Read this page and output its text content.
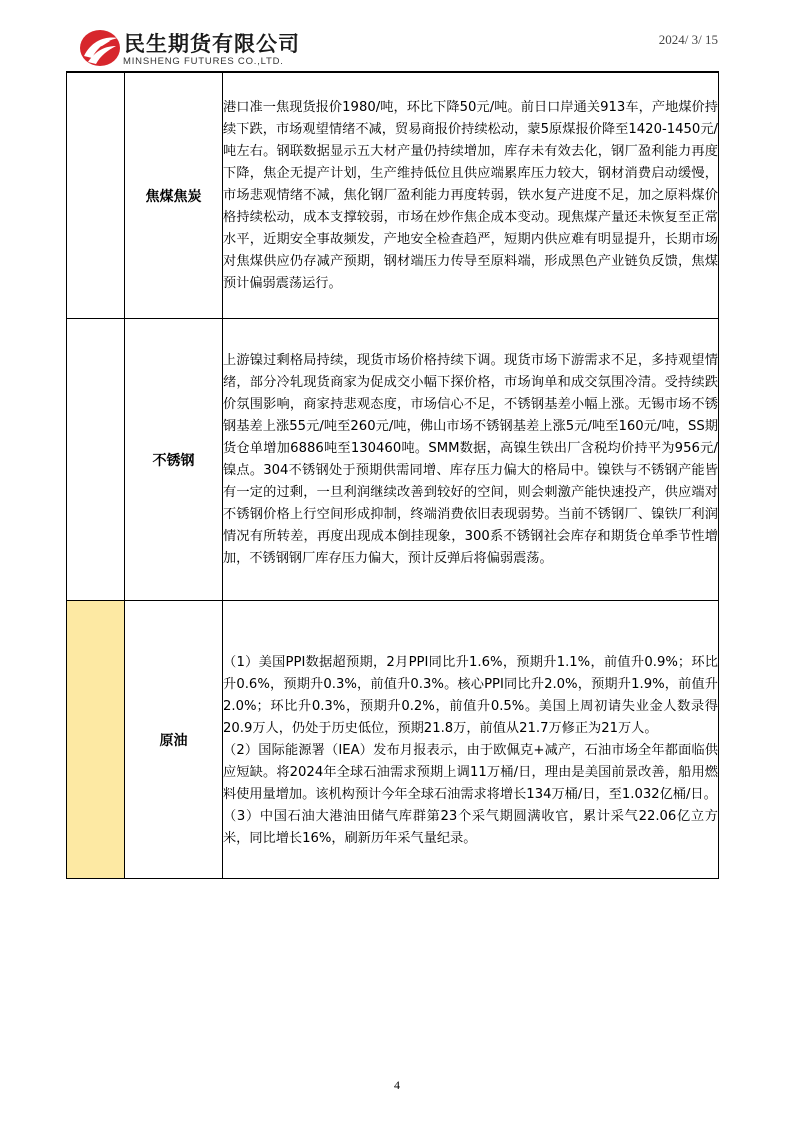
民生期货有限公司
MINSHENG FUTURES CO.,LTD.
2024/ 3/ 15
	焦煤焦炭	港口准一焦现货报价1980/吨，环比下降50元/吨。前日口岸通关913车，产地煤价持续下跌，市场观望情绪不减，贸易商报价持续松动，蒙5原煤报价降至1420-1450元/吨左右。钢联数据显示五大材产量仍持续增加，库存未有效去化，钢厂盈利能力再度下降，焦企无提产计划，生产维持低位且供应端累库压力较大，钢材消费启动缓慢，市场悲观情绪不减，焦化钢厂盈利能力再度转弱，铁水复产进度不足，加之原料煤价格持续松动，成本支撑较弱，市场在炒作焦企成本变动。现焦煤产量还未恢复至正常水平，近期安全事故频发，产地安全检查趋严，短期内供应难有明显提升，长期市场对焦煤供应仍存减产预期，钢材端压力传导至原料端，形成黑色产业链负反馈，焦煤预计偏弱震荡运行。

	不锈钢	上游镍过剩格局持续，现货市场价格持续下调。现货市场下游需求不足，多持观望情绪，部分冷轧现货商家为促成交小幅下探价格，市场询单和成交氛围冷清。受持续跌价氛围影响，商家持悲观态度，市场信心不足，不锈钢基差小幅上涨。无锡市场不锈钢基差上涨55元/吨至260元/吨，佛山市场不锈钢基差上涨5元/吨至160元/吨，SS期货仓单增加6886吨至130460吨。SMM数据，高镍生铁出厂含税均价持平为956元/镍点。304不锈钢处于预期供需同增、库存压力偏大的格局中。镍铁与不锈钢产能皆有一定的过剩，一旦利润继续改善到较好的空间，则会刺激产能快速投产，供应端对不锈钢价格上行空间形成抑制，终端消费依旧表现弱势。当前不锈钢厂、镍铁厂利润情况有所转差，再度出现成本倒挂现象，300系不锈钢社会库存和期货仓单季节性增加，不锈钢钢厂库存压力偏大，预计反弹后将偏弱震荡。

	原油	（1）美国PPI数据超预期，2月PPI同比升1.6%，预期升1.1%，前值升0.9%；环比升0.6%，预期升0.3%，前值升0.3%。核心PPI同比升2.0%，预期升1.9%，前值升2.0%；环比升0.3%，预期升0.2%，前值升0.5%。美国上周初请失业金人数录得20.9万人，仍处于历史低位，预期21.8万，前值从21.7万修正为21万人。

（2）国际能源署（IEA）发布月报表示，由于欧佩克+减产，石油市场全年都面临供应短缺。将2024年全球石油需求预期上调11万桶/日，理由是美国前景改善，船用燃料使用量增加。该机构预计今年全球石油需求将增长134万桶/日，至1.032亿桶/日。

（3）中国石油大港油田储气库群第23个采气期圆满收官，累计采气22.06亿立方米，同比增长16%，刷新历年采气量纪录。

4
